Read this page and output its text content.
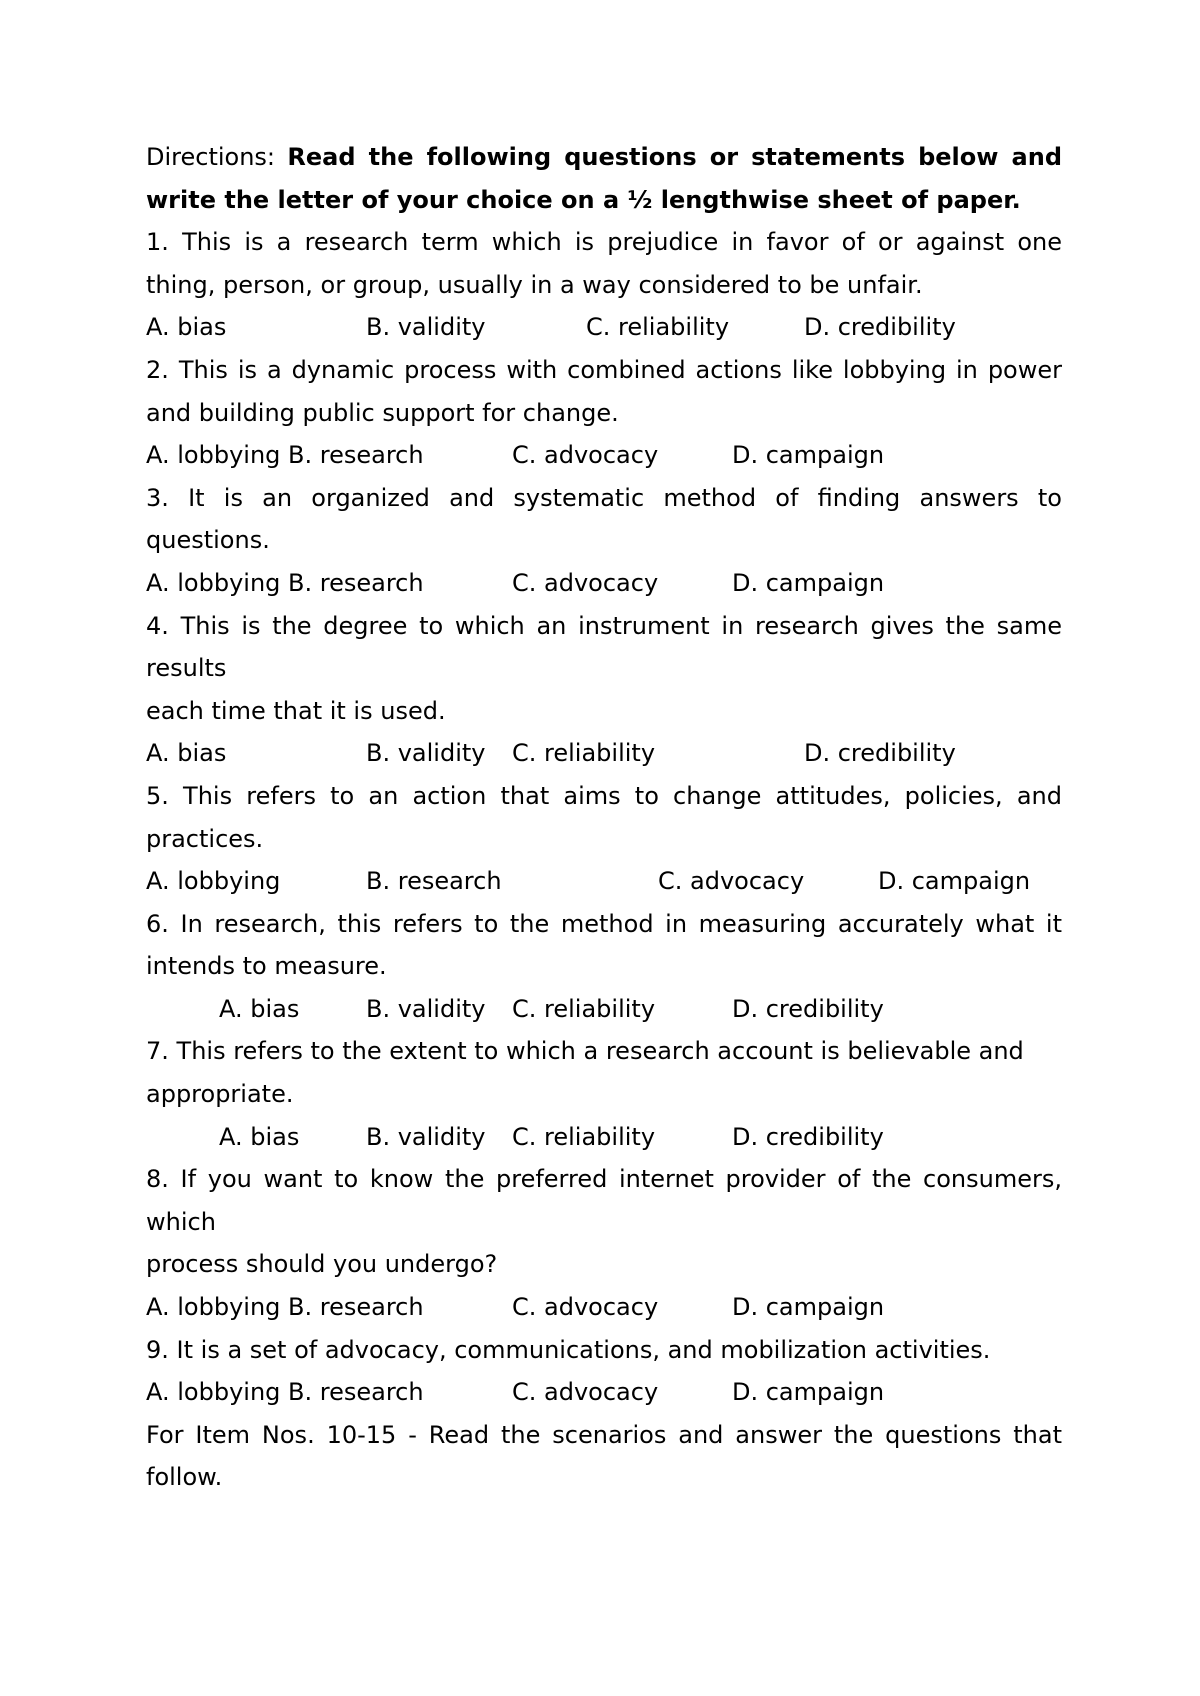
Directions: Read the following questions or statements below and
write the letter of your choice on a ½ lengthwise sheet of paper.
1. This is a research term which is prejudice in favor of or against one
thing, person, or group, usually in a way considered to be unfair.
A. bias	B. validity	C. reliability	D. credibility
2. This is a dynamic process with combined actions like lobbying in power
and building public support for change.
A. lobbying B. research	C. advocacy	D. campaign
3. It is an organized and systematic method of finding answers to
questions.
A. lobbying B. research	C. advocacy	D. campaign
4. This is the degree to which an instrument in research gives the same
results
each time that it is used.
A. bias	B. validity C. reliability	D. credibility
5. This refers to an action that aims to change attitudes, policies, and
practices.
A. lobbying	B. research	C. advocacy	D. campaign
6. In research, this refers to the method in measuring accurately what it
intends to measure.
A. bias	B. validity C. reliability	D. credibility
7. This refers to the extent to which a research account is believable and
appropriate.
A. bias	B. validity C. reliability	D. credibility
8. If you want to know the preferred internet provider of the consumers,
which
process should you undergo?
A. lobbying B. research	C. advocacy	D. campaign
9. It is a set of advocacy, communications, and mobilization activities.
A. lobbying B. research	C. advocacy	D. campaign
For Item Nos. 10-15 - Read the scenarios and answer the questions that
follow.
